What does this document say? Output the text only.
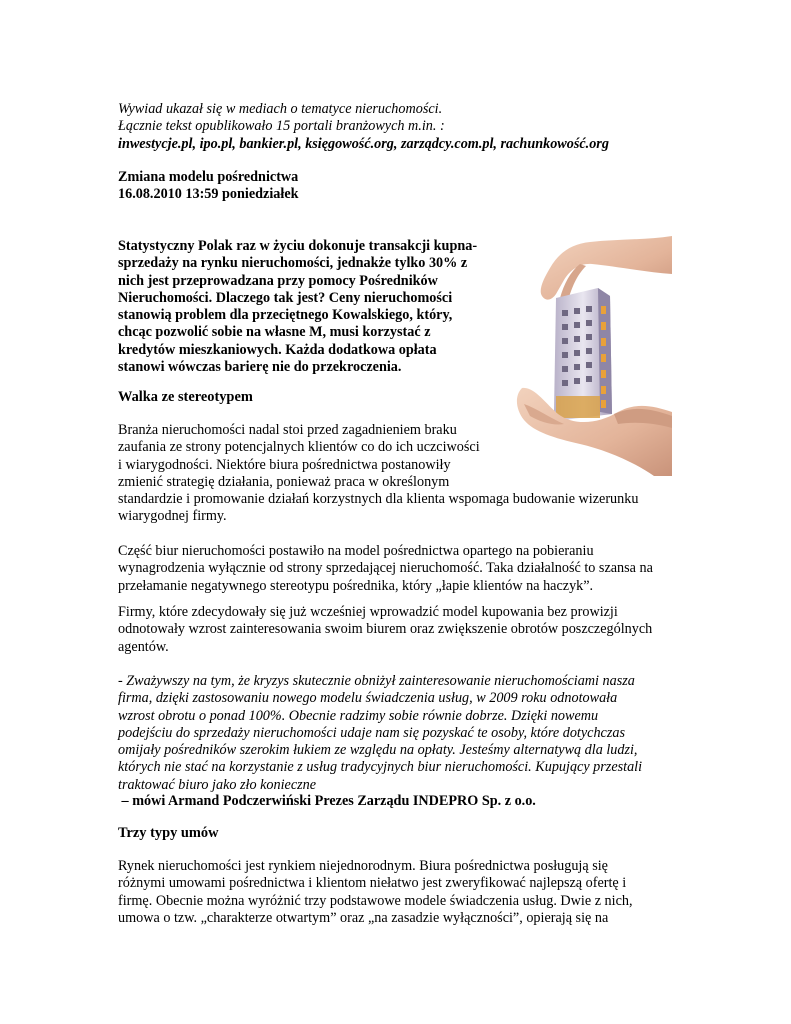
Wywiad ukazał się w mediach o tematyce nieruchomości.
Łącznie tekst opublikowało 15 portali branżowych m.in. :
inwestycje.pl, ipo.pl, bankier.pl, księgowość.org, zarządcy.com.pl, rachunkowość.org
Zmiana modelu pośrednictwa
16.08.2010 13:59 poniedziałek
Statystyczny Polak raz w życiu dokonuje transakcji kupna-
sprzedaży na rynku nieruchomości, jednakże tylko 30% z
nich jest przeprowadzana przy pomocy Pośredników
Nieruchomości. Dlaczego tak jest? Ceny nieruchomości
stanowią problem dla przeciętnego Kowalskiego, który,
chcąc pozwolić sobie na własne M, musi korzystać z
kredytów mieszkaniowych. Każda dodatkowa opłata
stanowi wówczas barierę nie do przekroczenia.
Walka ze stereotypem
Branża nieruchomości nadal stoi przed zagadnieniem braku
zaufania ze strony potencjalnych klientów co do ich uczciwości
i wiarygodności. Niektóre biura pośrednictwa postanowiły
zmienić strategię działania, ponieważ praca w określonym
standardzie i promowanie działań korzystnych dla klienta wspomaga budowanie wizerunku
wiarygodnej firmy.
Część biur nieruchomości postawiło na model pośrednictwa opartego na pobieraniu
wynagrodzenia wyłącznie od strony sprzedającej nieruchomość. Taka działalność to szansa na
przełamanie negatywnego stereotypu pośrednika, który „łapie klientów na haczyk”.
Firmy, które zdecydowały się już wcześniej wprowadzić model kupowania bez prowizji
odnotowały wzrost zainteresowania swoim biurem oraz zwiększenie obrotów poszczególnych
agentów.
- Zważywszy na tym, że kryzys skutecznie obniżył zainteresowanie nieruchomościami nasza
firma, dzięki zastosowaniu nowego modelu świadczenia usług, w 2009 roku odnotowała
wzrost obrotu o ponad 100%. Obecnie radzimy sobie równie dobrze. Dzięki nowemu
podejściu do sprzedaży nieruchomości udaje nam się pozyskać te osoby, które dotychczas
omijały pośredników szerokim łukiem ze względu na opłaty. Jesteśmy alternatywą dla ludzi,
których nie stać na korzystanie z usług tradycyjnych biur nieruchomości. Kupujący przestali
traktować biuro jako zło konieczne
– mówi Armand Podczerwiński Prezes Zarządu INDEPRO Sp. z o.o.
Trzy typy umów
Rynek nieruchomości jest rynkiem niejednorodnym. Biura pośrednictwa posługują się
różnymi umowami pośrednictwa i klientom niełatwo jest zweryfikować najlepszą ofertę i
firmę. Obecnie można wyróżnić trzy podstawowe modele świadczenia usług. Dwie z nich,
umowa o tzw. „charakterze otwartym” oraz „na zasadzie wyłączności”, opierają się na
